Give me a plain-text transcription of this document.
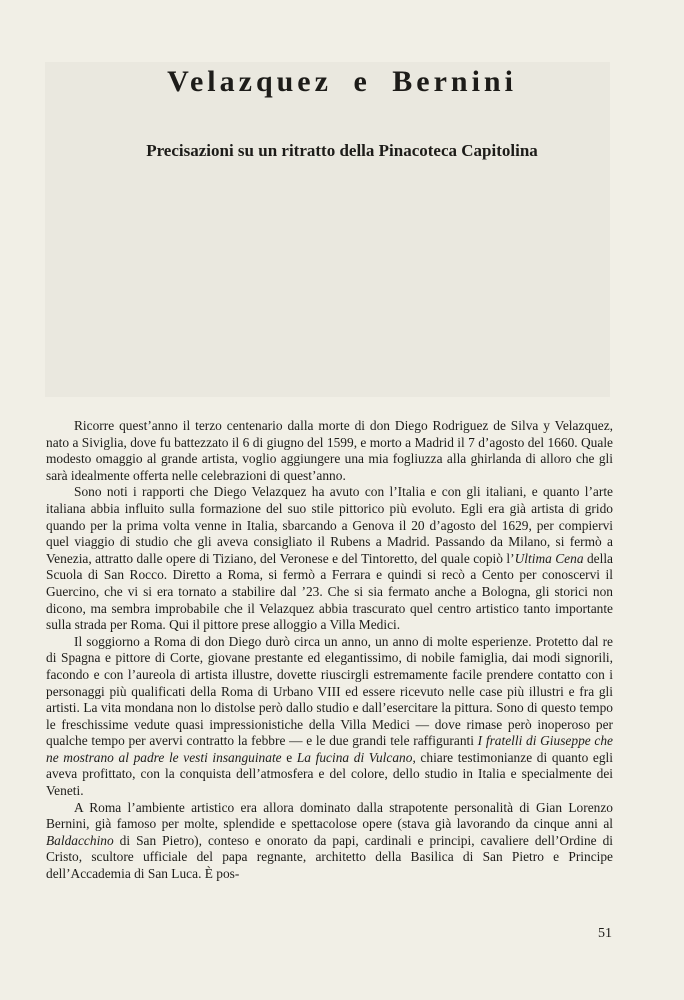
Velazquez e Bernini
Precisazioni su un ritratto della Pinacoteca Capitolina

Ricorre quest’anno il terzo centenario dalla morte di don Diego Rodriguez de Silva y Velazquez, nato a Siviglia, dove fu battezzato il 6 di giugno del 1599, e morto a Madrid il 7 d’agosto del 1660. Quale modesto omaggio al grande artista, voglio aggiungere una mia fogliuzza alla ghirlanda di alloro che gli sarà idealmente offerta nelle celebrazioni di quest’anno.

Sono noti i rapporti che Diego Velazquez ha avuto con l’Italia e con gli italiani, e quanto l’arte italiana abbia influito sulla formazione del suo stile pittorico più evoluto. Egli era già artista di grido quando per la prima volta venne in Italia, sbarcando a Genova il 20 d’agosto del 1629, per compiervi quel viaggio di studio che gli aveva consigliato il Rubens a Madrid. Passando da Milano, si fermò a Venezia, attratto dalle opere di Tiziano, del Veronese e del Tintoretto, del quale copiò l’Ultima Cena della Scuola di San Rocco. Diretto a Roma, si fermò a Ferrara e quindi si recò a Cento per conoscervi il Guercino, che vi si era tornato a stabilire dal ’23. Che si sia fermato anche a Bologna, gli storici non dicono, ma sembra improbabile che il Velazquez abbia trascurato quel centro artistico tanto importante sulla strada per Roma. Qui il pittore prese alloggio a Villa Medici.

Il soggiorno a Roma di don Diego durò circa un anno, un anno di molte esperienze. Protetto dal re di Spagna e pittore di Corte, giovane prestante ed elegantissimo, di nobile famiglia, dai modi signorili, facondo e con l’aureola di artista illustre, dovette riuscirgli estremamente facile prendere contatto con i personaggi più qualificati della Roma di Urbano VIII ed essere ricevuto nelle case più illustri e fra gli artisti. La vita mondana non lo distolse però dallo studio e dall’esercitare la pittura. Sono di questo tempo le freschissime vedute quasi impressionistiche della Villa Medici — dove rimase però inoperoso per qualche tempo per avervi contratto la febbre — e le due grandi tele raffiguranti I fratelli di Giuseppe che ne mostrano al padre le vesti insanguinate e La fucina di Vulcano, chiare testimonianze di quanto egli aveva profittato, con la conquista dell’atmosfera e del colore, dello studio in Italia e specialmente dei Veneti.

A Roma l’ambiente artistico era allora dominato dalla strapotente personalità di Gian Lorenzo Bernini, già famoso per molte, splendide e spettacolose opere (stava già lavorando da cinque anni al Baldacchino di San Pietro), conteso e onorato da papi, cardinali e principi, cavaliere dell’Ordine di Cristo, scultore ufficiale del papa regnante, architetto della Basilica di San Pietro e Principe dell’Accademia di San Luca. È pos-

51
